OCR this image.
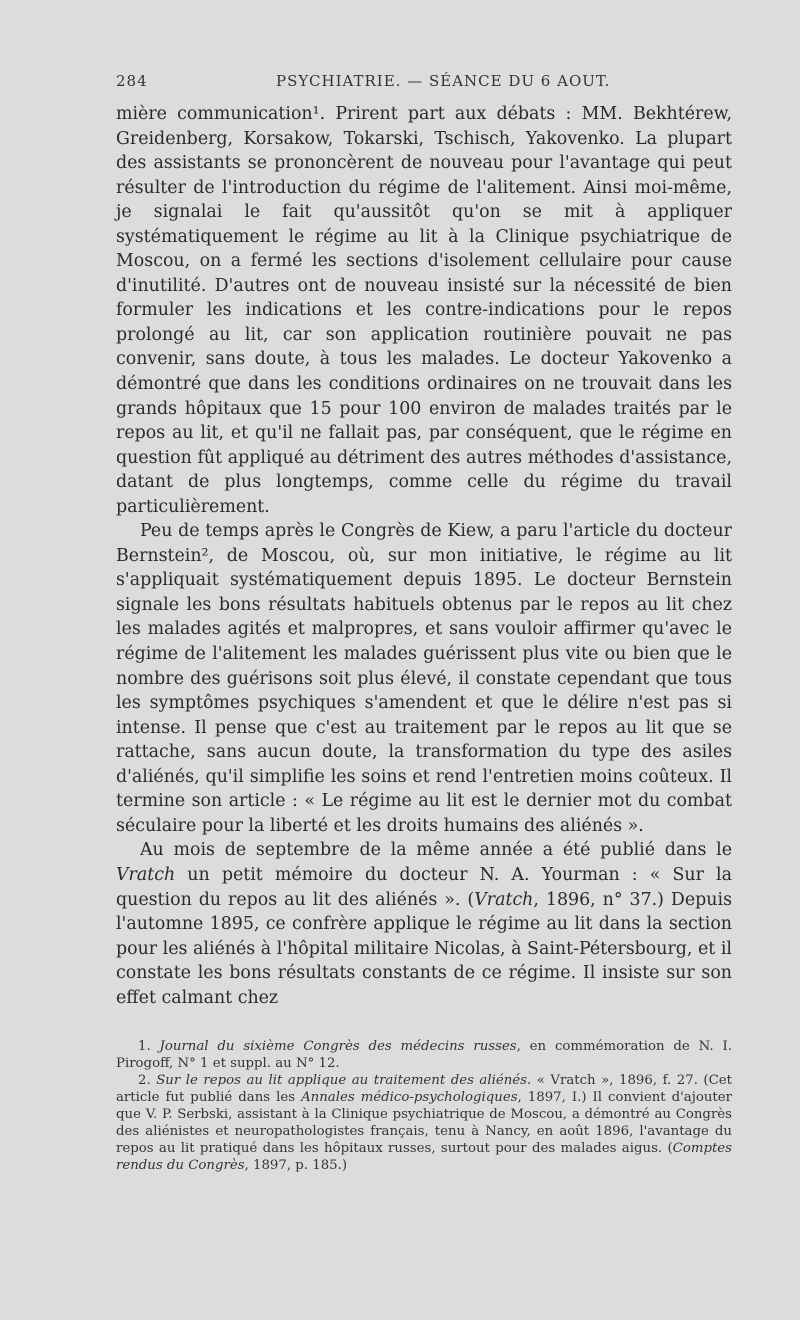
284	PSYCHIATRIE. — SÉANCE DU 6 AOUT.

mière communication¹. Prirent part aux débats : MM. Bekhtérew, Greidenberg, Korsakow, Tokarski, Tschisch, Yakovenko. La plupart des assistants se prononcèrent de nouveau pour l'avantage qui peut résulter de l'introduction du régime de l'alitement. Ainsi moi-même, je signalai le fait qu'aussitôt qu'on se mit à appliquer systématiquement le régime au lit à la Clinique psychiatrique de Moscou, on a fermé les sections d'isolement cellulaire pour cause d'inutilité. D'autres ont de nouveau insisté sur la nécessité de bien formuler les indications et les contre-indications pour le repos prolongé au lit, car son application routinière pouvait ne pas convenir, sans doute, à tous les malades. Le docteur Yakovenko a démontré que dans les conditions ordinaires on ne trouvait dans les grands hôpitaux que 15 pour 100 environ de malades traités par le repos au lit, et qu'il ne fallait pas, par conséquent, que le régime en question fût appliqué au détriment des autres méthodes d'assistance, datant de plus longtemps, comme celle du régime du travail particulièrement.

Peu de temps après le Congrès de Kiew, a paru l'article du docteur Bernstein², de Moscou, où, sur mon initiative, le régime au lit s'appliquait systématiquement depuis 1895. Le docteur Bernstein signale les bons résultats habituels obtenus par le repos au lit chez les malades agités et malpropres, et sans vouloir affirmer qu'avec le régime de l'alitement les malades guérissent plus vite ou bien que le nombre des guérisons soit plus élevé, il constate cependant que tous les symptômes psychiques s'amendent et que le délire n'est pas si intense. Il pense que c'est au traitement par le repos au lit que se rattache, sans aucun doute, la transformation du type des asiles d'aliénés, qu'il simplifie les soins et rend l'entretien moins coûteux. Il termine son article : « Le régime au lit est le dernier mot du combat séculaire pour la liberté et les droits humains des aliénés ».

Au mois de septembre de la même année a été publié dans le Vratch un petit mémoire du docteur N. A. Yourman : « Sur la question du repos au lit des aliénés ». (Vratch, 1896, n° 37.) Depuis l'automne 1895, ce confrère applique le régime au lit dans la section pour les aliénés à l'hôpital militaire Nicolas, à Saint-Pétersbourg, et il constate les bons résultats constants de ce régime. Il insiste sur son effet calmant chez

1. Journal du sixième Congrès des médecins russes, en commémoration de N. I. Pirogoff, N° 1 et suppl. au N° 12.

2. Sur le repos au lit applique au traitement des aliénés. « Vratch », 1896, f. 27. (Cet article fut publié dans les Annales médico-psychologiques, 1897, I.) Il convient d'ajouter que V. P. Serbski, assistant à la Clinique psychiatrique de Moscou, a démontré au Congrès des aliénistes et neuropathologistes français, tenu à Nancy, en août 1896, l'avantage du repos au lit pratiqué dans les hôpitaux russes, surtout pour des malades aigus. (Comptes rendus du Congrès, 1897, p. 185.)
